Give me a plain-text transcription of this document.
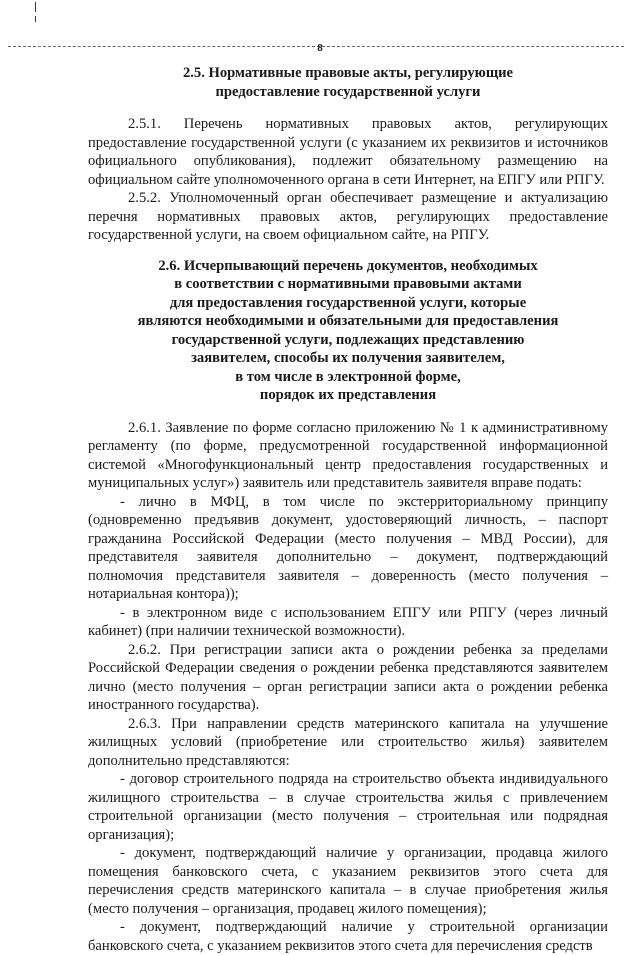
8
2.5. Нормативные правовые акты, регулирующие
предоставление государственной услуги

2.5.1. Перечень нормативных правовых актов, регулирующих предоставление государственной услуги (с указанием их реквизитов и источников официального опубликования), подлежит обязательному размещению на официальном сайте уполномоченного органа в сети Интернет, на ЕПГУ или РПГУ.

2.5.2. Уполномоченный орган обеспечивает размещение и актуализацию перечня нормативных правовых актов, регулирующих предоставление государственной услуги, на своем официальном сайте, на РПГУ.

2.6. Исчерпывающий перечень документов, необходимых
в соответствии с нормативными правовыми актами
для предоставления государственной услуги, которые
являются необходимыми и обязательными для предоставления
государственной услуги, подлежащих представлению
заявителем, способы их получения заявителем,
в том числе в электронной форме,
порядок их представления

2.6.1. Заявление по форме согласно приложению № 1 к административному регламенту (по форме, предусмотренной государственной информационной системой «Многофункциональный центр предоставления государственных и муниципальных услуг») заявитель или представитель заявителя вправе подать:

- лично в МФЦ, в том числе по экстерриториальному принципу (одновременно предъявив документ, удостоверяющий личность, – паспорт гражданина Российской Федерации (место получения – МВД России), для представителя заявителя дополнительно – документ, подтверждающий полномочия представителя заявителя – доверенность (место получения – нотариальная контора));

- в электронном виде с использованием ЕПГУ или РПГУ (через личный кабинет) (при наличии технической возможности).

2.6.2. При регистрации записи акта о рождении ребенка за пределами Российской Федерации сведения о рождении ребенка представляются заявителем лично (место получения – орган регистрации записи акта о рождении ребенка иностранного государства).

2.6.3. При направлении средств материнского капитала на улучшение жилищных условий (приобретение или строительство жилья) заявителем дополнительно представляются:

- договор строительного подряда на строительство объекта индивидуального жилищного строительства – в случае строительства жилья с привлечением строительной организации (место получения – строительная или подрядная организация);

- документ, подтверждающий наличие у организации, продавца жилого помещения банковского счета, с указанием реквизитов этого счета для перечисления средств материнского капитала – в случае приобретения жилья (место получения – организация, продавец жилого помещения);

- документ, подтверждающий наличие у строительной организации банковского счета, с указанием реквизитов этого счета для перечисления средств
